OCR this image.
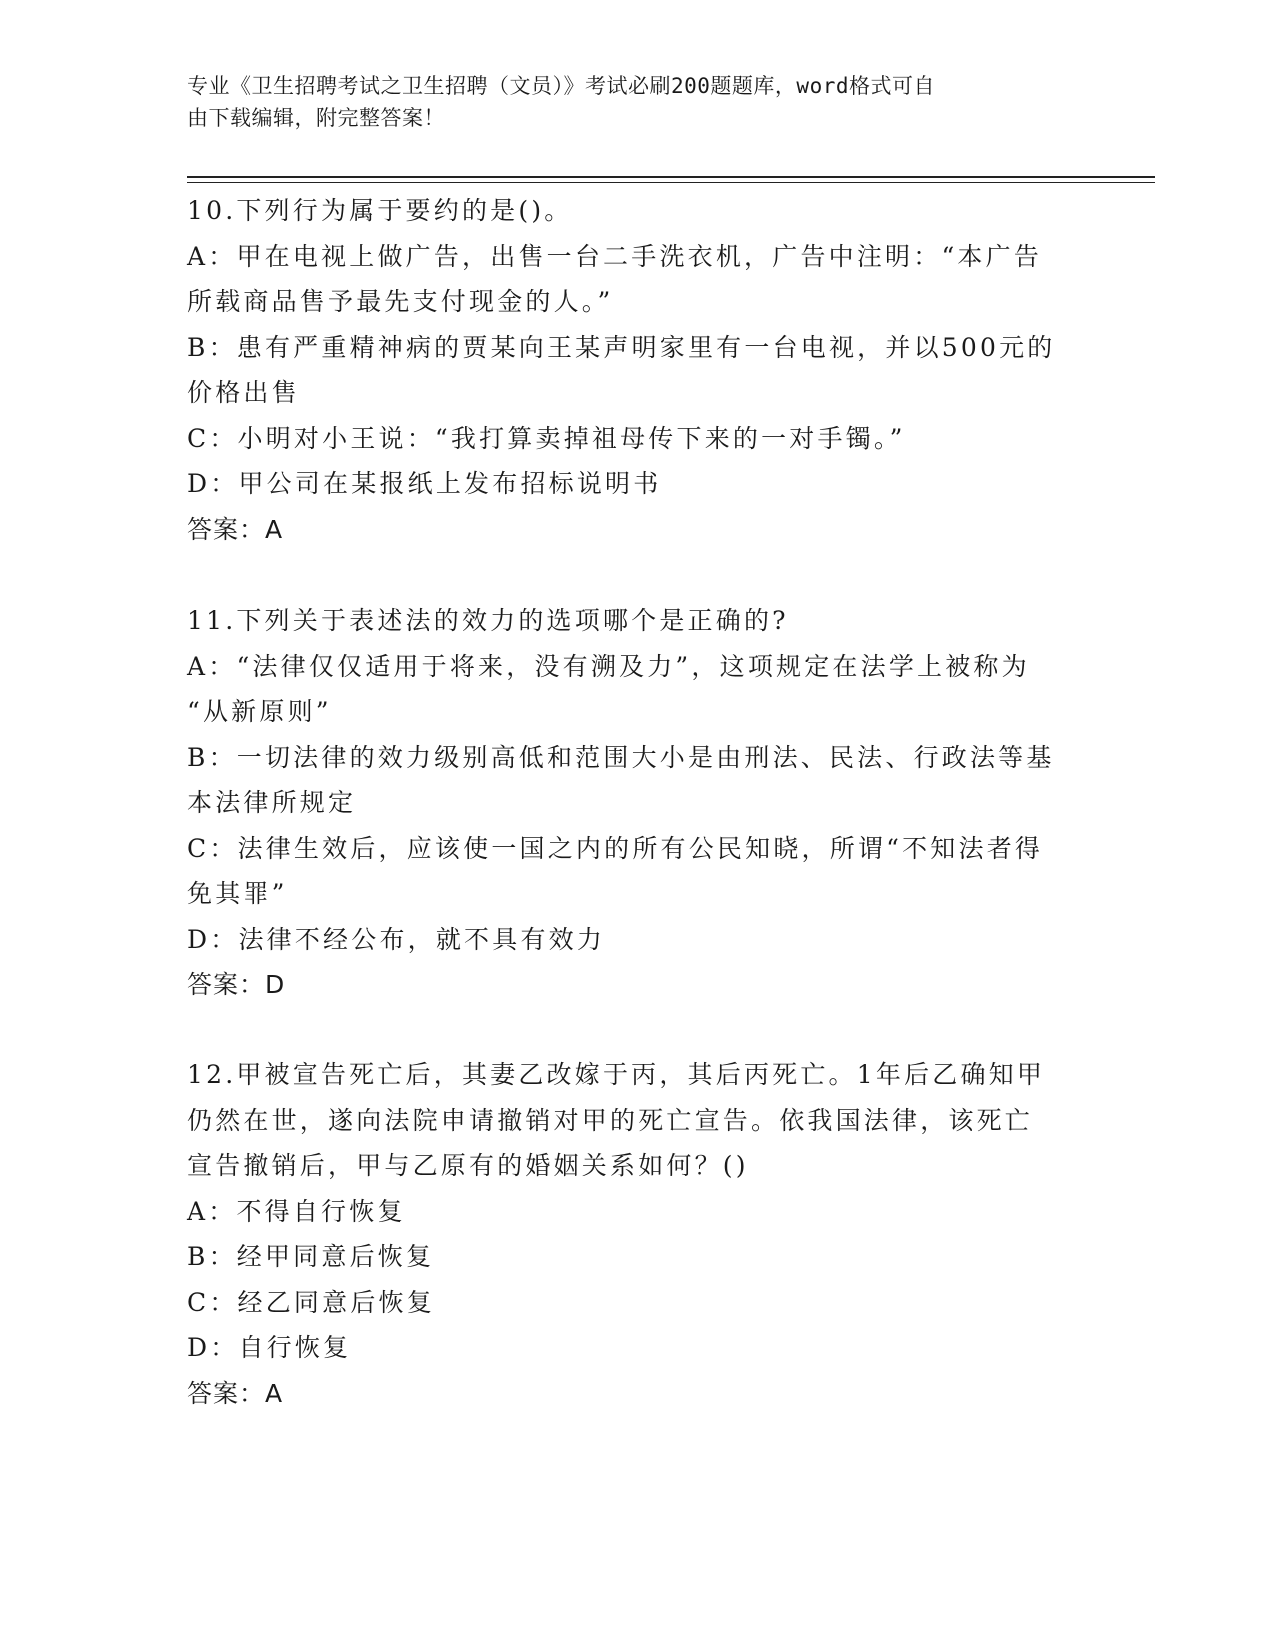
专业《卫生招聘考试之卫生招聘（文员）》考试必刷200题题库，word格式可自
由下载编辑，附完整答案！
10.下列行为属于要约的是()。
A：甲在电视上做广告，出售一台二手洗衣机，广告中注明：“本广告
所载商品售予最先支付现金的人。”
B：患有严重精神病的贾某向王某声明家里有一台电视，并以500元的
价格出售
C：小明对小王说：“我打算卖掉祖母传下来的一对手镯。”
D：甲公司在某报纸上发布招标说明书
答案：A
11.下列关于表述法的效力的选项哪个是正确的?
A：“法律仅仅适用于将来，没有溯及力”，这项规定在法学上被称为
“从新原则”
B：一切法律的效力级别高低和范围大小是由刑法、民法、行政法等基
本法律所规定
C：法律生效后，应该使一国之内的所有公民知晓，所谓“不知法者得
免其罪”
D：法律不经公布，就不具有效力
答案：D
12.甲被宣告死亡后，其妻乙改嫁于丙，其后丙死亡。1年后乙确知甲
仍然在世，遂向法院申请撤销对甲的死亡宣告。依我国法律，该死亡
宣告撤销后，甲与乙原有的婚姻关系如何？()
A：不得自行恢复
B：经甲同意后恢复
C：经乙同意后恢复
D：自行恢复
答案：A
